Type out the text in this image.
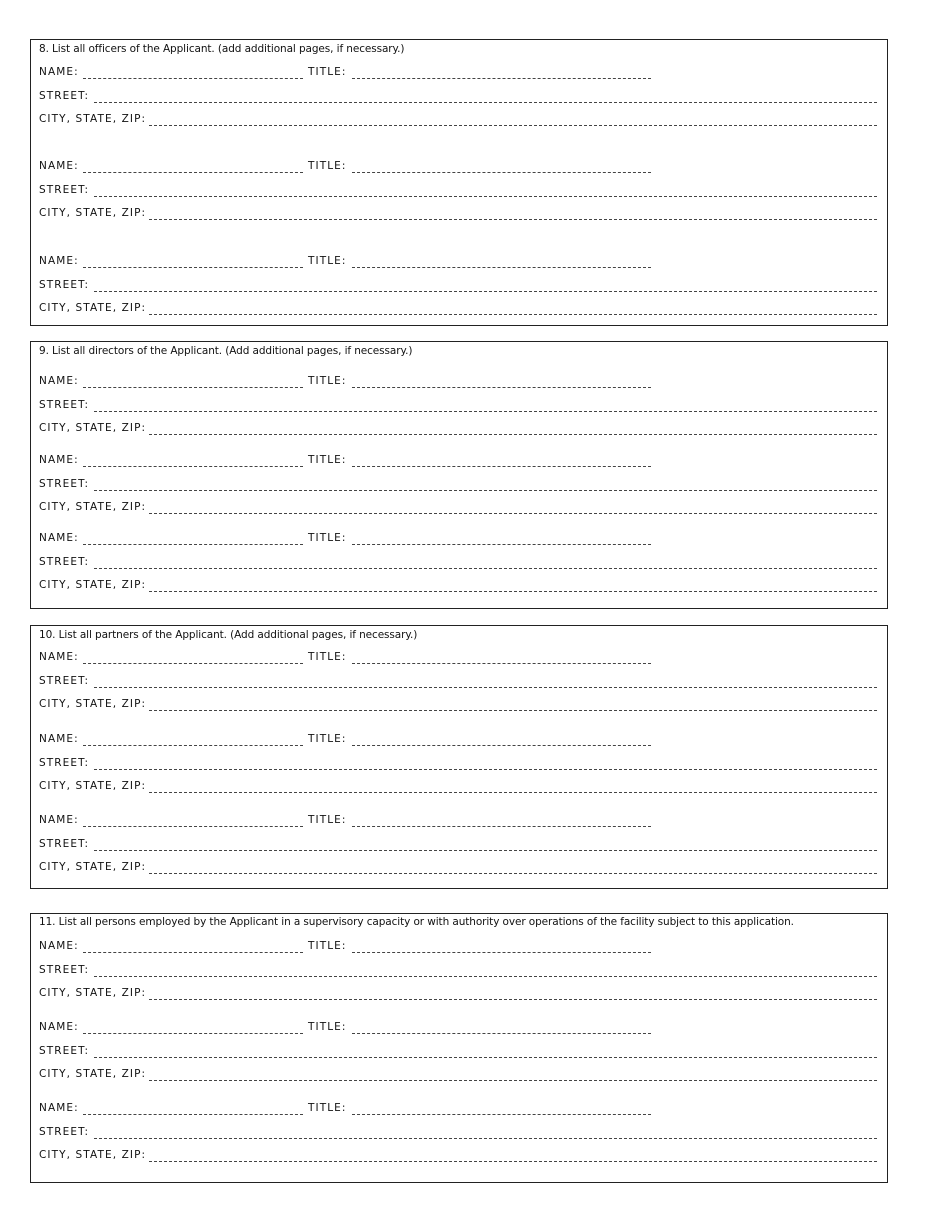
8. List all officers of the Applicant. (add additional pages, if necessary.)
NAME:	TITLE:
STREET:
CITY, STATE, ZIP:
NAME:	TITLE:
STREET:
CITY, STATE, ZIP:
NAME:	TITLE:
STREET:
CITY, STATE, ZIP:
9. List all directors of the Applicant. (Add additional pages, if necessary.)
NAME:	TITLE:
STREET:
CITY, STATE, ZIP:
NAME:	TITLE:
STREET:
CITY, STATE, ZIP:
NAME:	TITLE:
STREET:
CITY, STATE, ZIP:
10. List all partners of the Applicant. (Add additional pages, if necessary.)
NAME:	TITLE:
STREET:
CITY, STATE, ZIP:
NAME:	TITLE:
STREET:
CITY, STATE, ZIP:
NAME:	TITLE:
STREET:
CITY, STATE, ZIP:
11. List all persons employed by the Applicant in a supervisory capacity or with authority over operations of the facility subject to this application.
NAME:	TITLE:
STREET:
CITY, STATE, ZIP:
NAME:	TITLE:
STREET:
CITY, STATE, ZIP:
NAME:	TITLE:
STREET:
CITY, STATE, ZIP:
